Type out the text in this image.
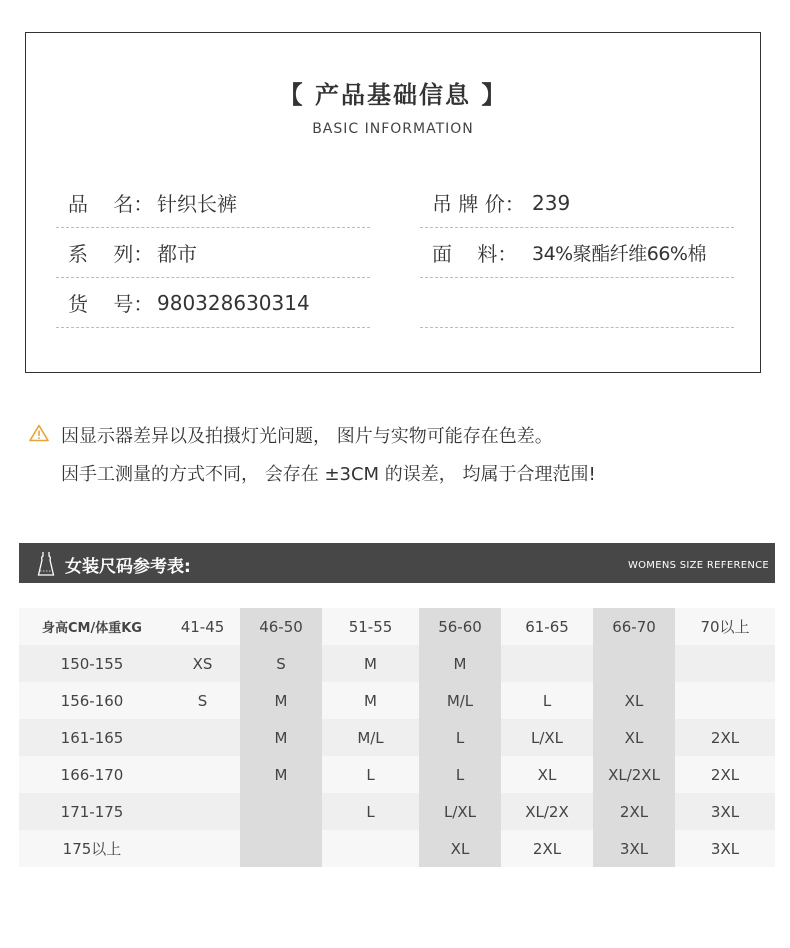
【 产品基础信息 】
BASIC INFORMATION
品    名： 针织长裤
系    列： 都市
货    号： 980328630314
吊 牌 价： 239
面    料： 34%聚酯纤维66%棉
因显示器差异以及拍摄灯光问题， 图片与实物可能存在色差。
因手工测量的方式不同， 会存在 ±3CM 的误差， 均属于合理范围!
女装尺码参考表:	WOMENS SIZE REFERENCE
身高CM/体重KG	41-45	46-50	51-55	56-60	61-65	66-70	70以上
150-155	XS	S	M	M			
156-160	S	M	M	M/L	L	XL	
161-165		M	M/L	L	L/XL	XL	2XL
166-170		M	L	L	XL	XL/2XL	2XL
171-175			L	L/XL	XL/2X	2XL	3XL
175以上				XL	2XL	3XL	3XL
